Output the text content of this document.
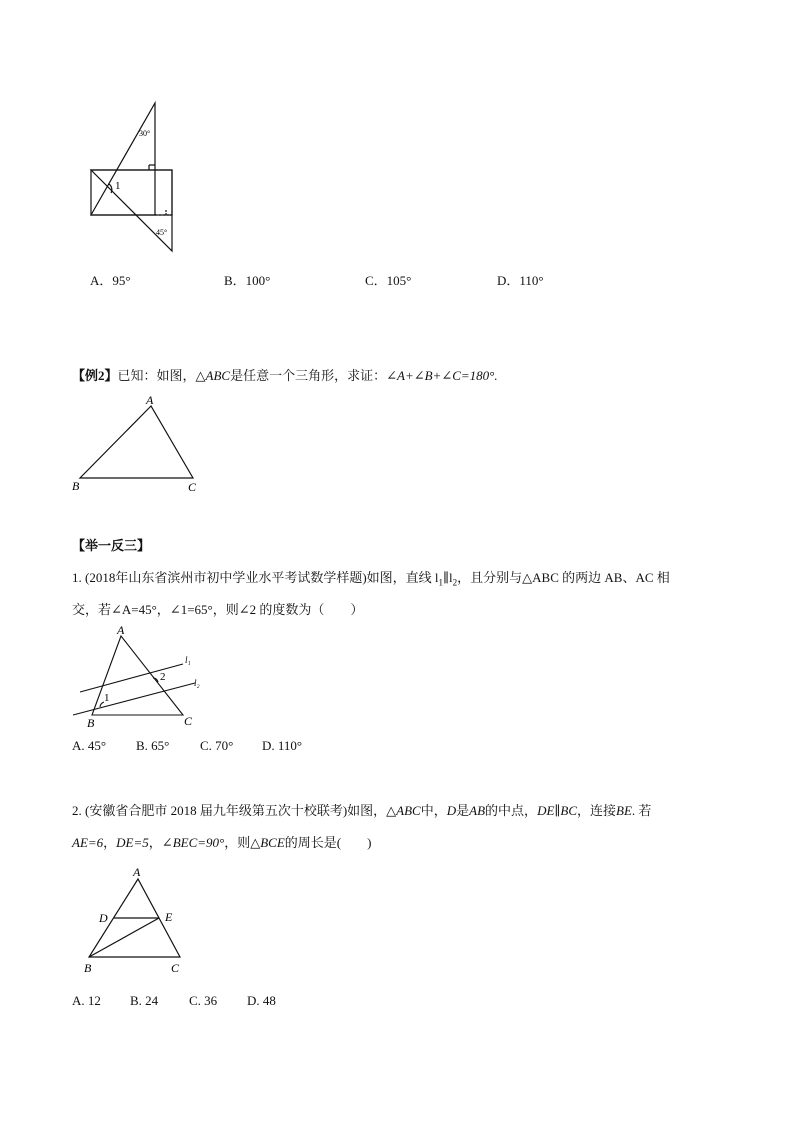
30°
45°
1
A．95°	B．100°	C．105°	D．110°
【例2】已知：如图，△ABC是任意一个三角形，求证：∠A+∠B+∠C=180°.
A
B	C
【举一反三】
1. (2018年山东省滨州市初中学业水平考试数学样题)如图，直线 $l_1\parallel l_2$，且分别与△ABC 的两边 AB、AC 相
交，若∠A=45°，∠1=65°，则∠2 的度数为（　　）
A
B	C
l₁
l₂
1
2
A. 45° B. 65° C. 70° D. 110°
2. (安徽省合肥市 2018 届九年级第五次十校联考)如图，△ABC中，D是AB的中点，DE∥BC，连接BE. 若
AE=6，DE=5，∠BEC=90°，则△BCE的周长是(　　)
A
D	E
B	C
A. 12 B. 24 C. 36 D. 48
